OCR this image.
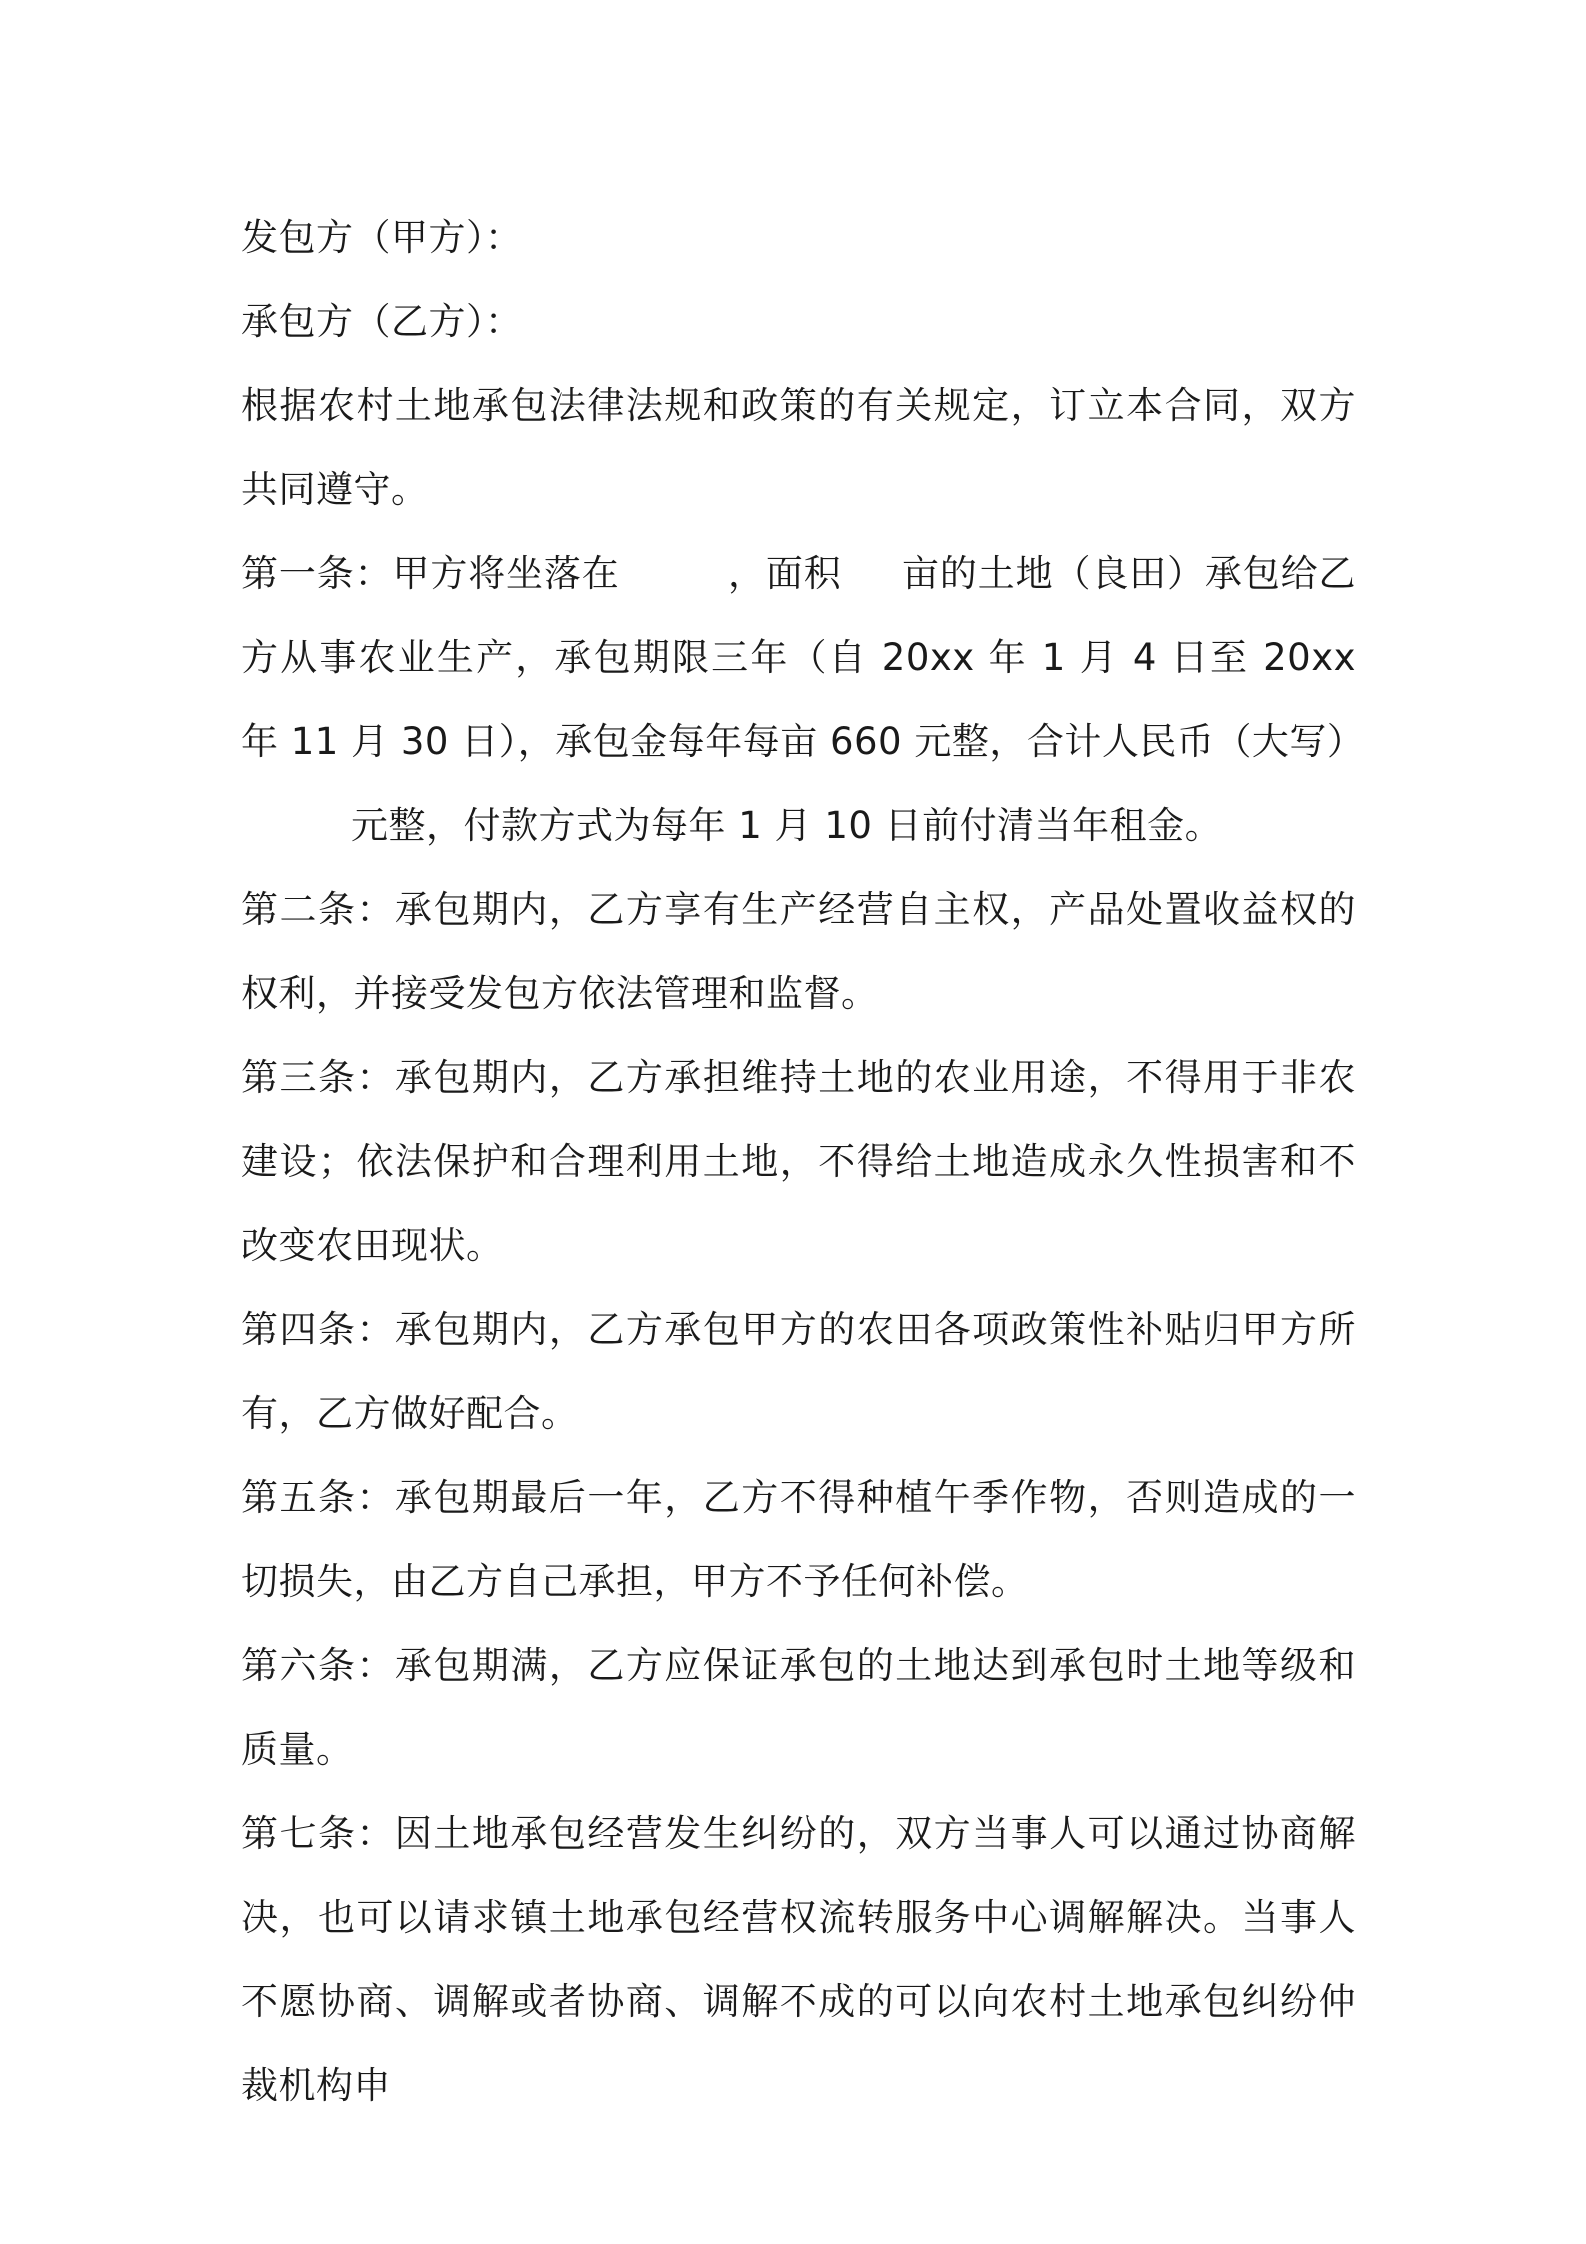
发包方（甲方）：

承包方（乙方）：

根据农村土地承包法律法规和政策的有关规定，订立本合同，双方共同遵守。

第一条：甲方将坐落在	，面积 亩的土地（良田）承包给乙方从事农业生产，承包期限三年（自 20xx 年 1 月 4 日至 20xx 年 11 月 30 日），承包金每年每亩 660 元整，合计人民币（大写）元整，付款方式为每年 1 月 10 日前付清当年租金。

第二条：承包期内，乙方享有生产经营自主权，产品处置收益权的权利，并接受发包方依法管理和监督。

第三条：承包期内，乙方承担维持土地的农业用途，不得用于非农建设；依法保护和合理利用土地，不得给土地造成永久性损害和不改变农田现状。

第四条：承包期内，乙方承包甲方的农田各项政策性补贴归甲方所有，乙方做好配合。

第五条：承包期最后一年，乙方不得种植午季作物，否则造成的一切损失，由乙方自己承担，甲方不予任何补偿。

第六条：承包期满，乙方应保证承包的土地达到承包时土地等级和质量。

第七条：因土地承包经营发生纠纷的，双方当事人可以通过协商解决，也可以请求镇土地承包经营权流转服务中心调解解决。当事人不愿协商、调解或者协商、调解不成的可以向农村土地承包纠纷仲裁机构申
